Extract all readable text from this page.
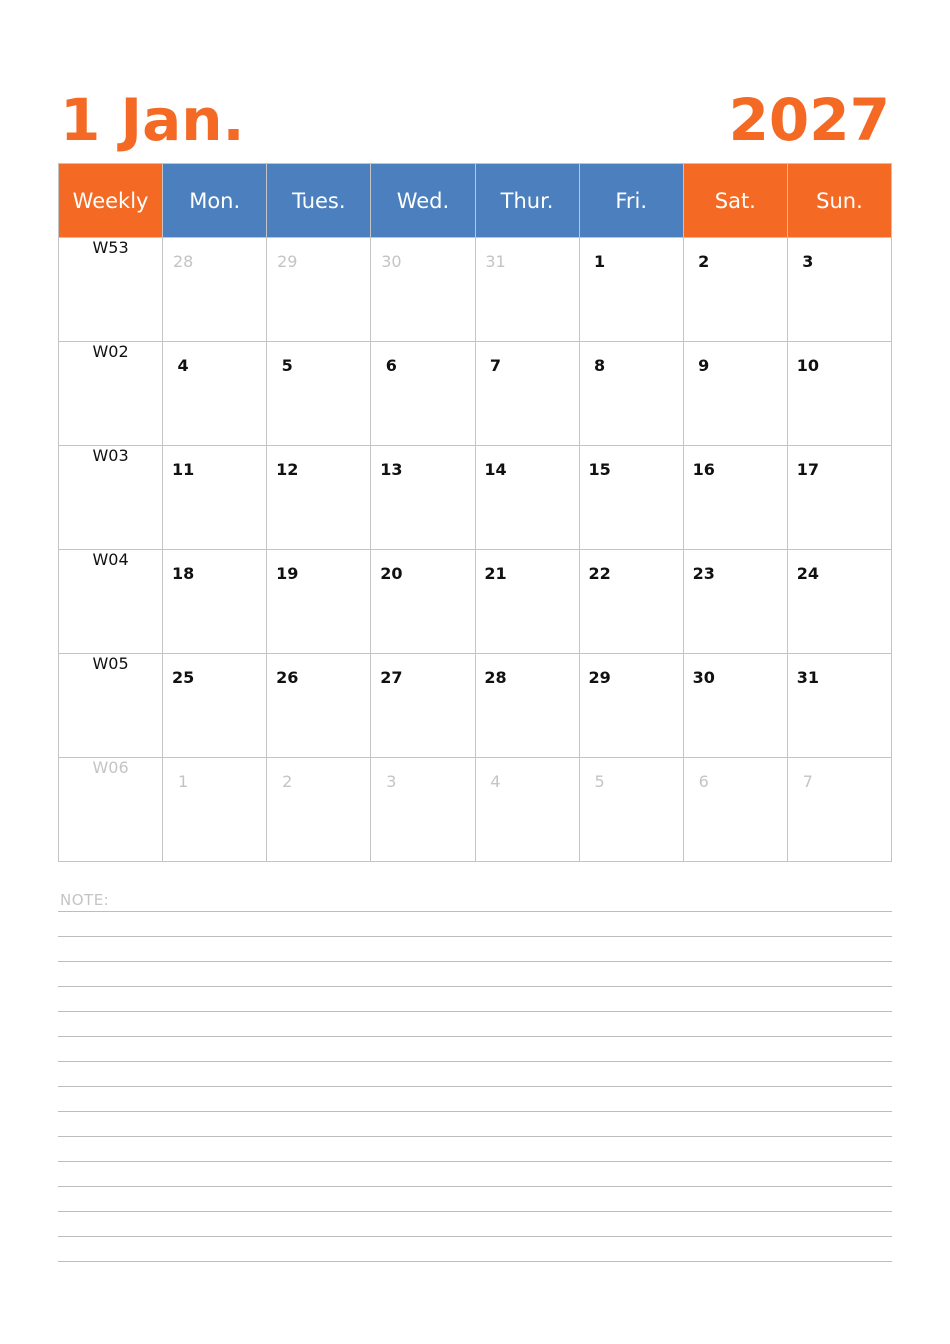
1 Jan.	2027
Weekly	Mon.	Tues.	Wed.	Thur.	Fri.	Sat.	Sun.
W53	28	29	30	31	1	2	3

W02	4	5	6	7	8	9	10

W03	11	12	13	14	15	16	17

W04	18	19	20	21	22	23	24

W05	25	26	27	28	29	30	31

W06	1	2	3	4	5	6	7
NOTE:
